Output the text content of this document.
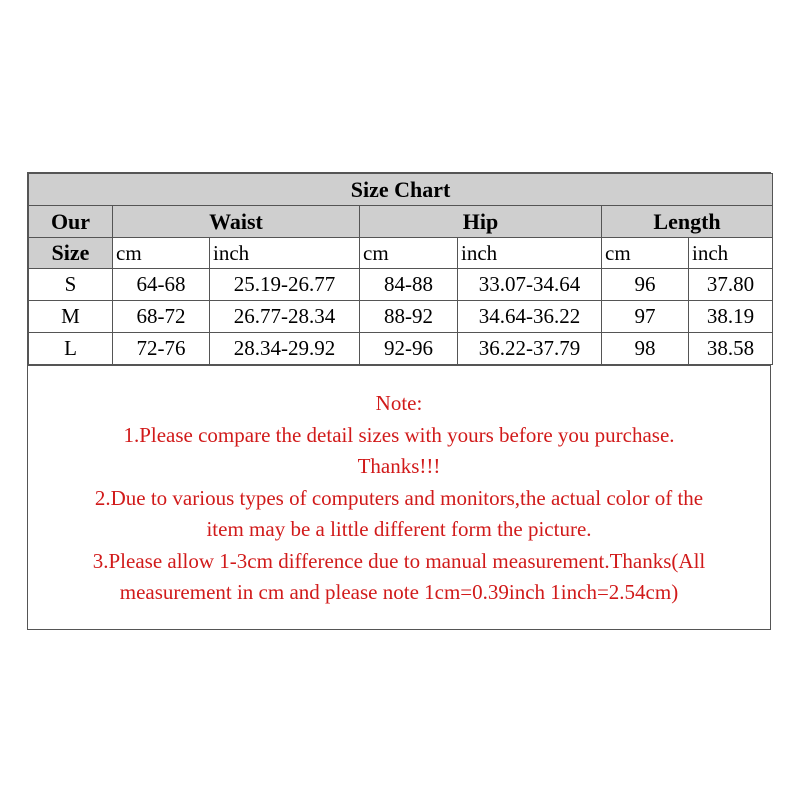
Size Chart						
Our	Waist		Hip		Length	
Size	cm	inch	cm	inch	cm	inch
S	64-68	25.19-26.77	84-88	33.07-34.64	96	37.80
M	68-72	26.77-28.34	88-92	34.64-36.22	97	38.19
L	72-76	28.34-29.92	92-96	36.22-37.79	98	38.58
Note:
1.Please compare the detail sizes with yours before you purchase.
Thanks!!!
2.Due to various types of computers and monitors,the actual color of the
item may be a little different form the picture.
3.Please allow 1-3cm difference due to manual measurement.Thanks(All
measurement in cm and please note 1cm=0.39inch 1inch=2.54cm)
